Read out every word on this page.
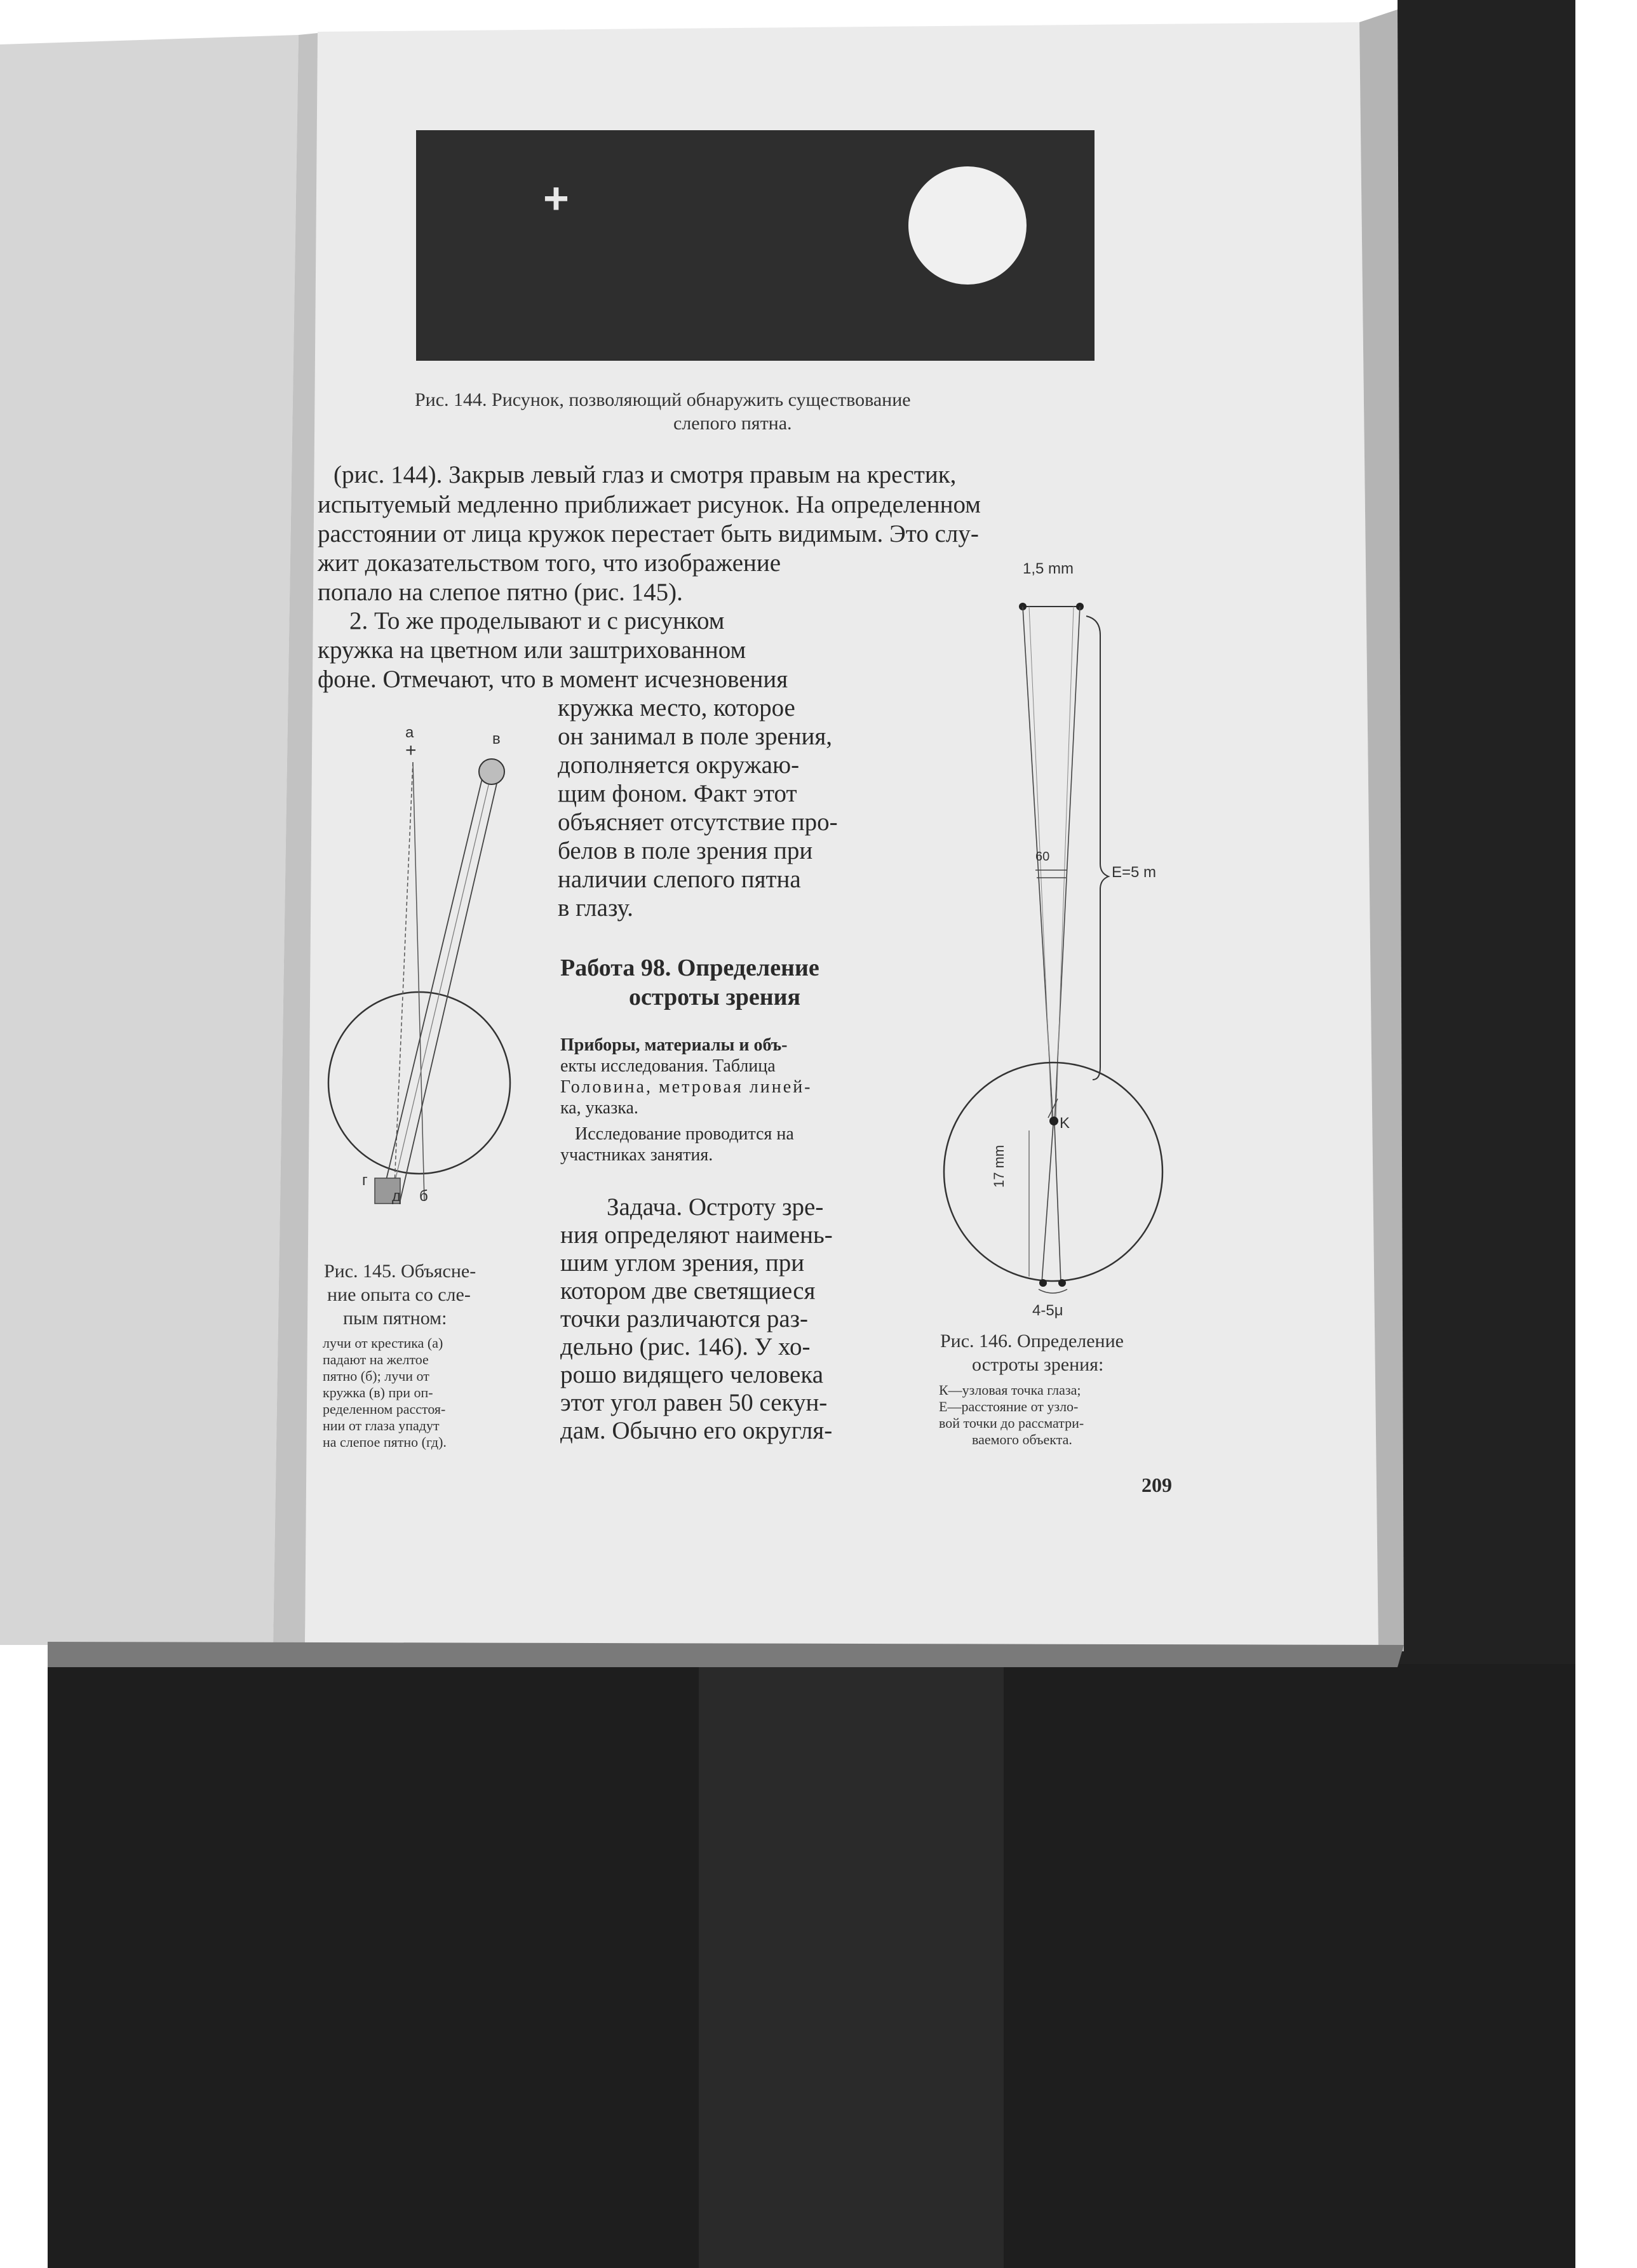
+
Рис. 144. Рисунок, позволяющий обнаружить существование
слепого пятна.
(рис. 144). Закрыв левый глаз и смотря правым на крестик,
испытуемый медленно приближает рисунок. На определенном
расстоянии от лица кружок перестает быть видимым. Это слу-
жит доказательством того, что изображение
попало на слепое пятно (рис. 145).
2. То же проделывают и с рисунком
кружка на цветном или заштрихованном
фоне. Отмечают, что в момент исчезновения
кружка место, которое
он занимал в поле зрения,
дополняется окружаю-
щим фоном. Факт этот
объясняет отсутствие про-
белов в поле зрения при
наличии слепого пятна
в глазу.
Работа 98. Определение
остроты зрения
Приборы, материалы и объ-
екты исследования. Таблица
Головина, метровая линей-
ка, указка.
Исследование проводится на
участниках занятия.
Задача. Остроту зре-
ния определяют наимень-
шим углом зрения, при
котором две светящиеся
точки различаются раз-
дельно (рис. 146). У хо-
рошо видящего человека
этот угол равен 50 секун-
дам. Обычно его округля-
а
+
в
г
д б
Рис. 145. Объясне-
ние опыта со сле-
пым пятном:
лучи от крестика (а)
падают на желтое
пятно (б); лучи от
кружка (в) при оп-
ределенном расстоя-
нии от глаза упадут
на слепое пятно (гд).
1,5 mm
60
E=5 m
K
17 mm
4-5μ
Рис. 146. Определение
остроты зрения:
К—узловая точка глаза;
Е—расстояние от узло-
вой точки до рассматри-
ваемого объекта.
209
